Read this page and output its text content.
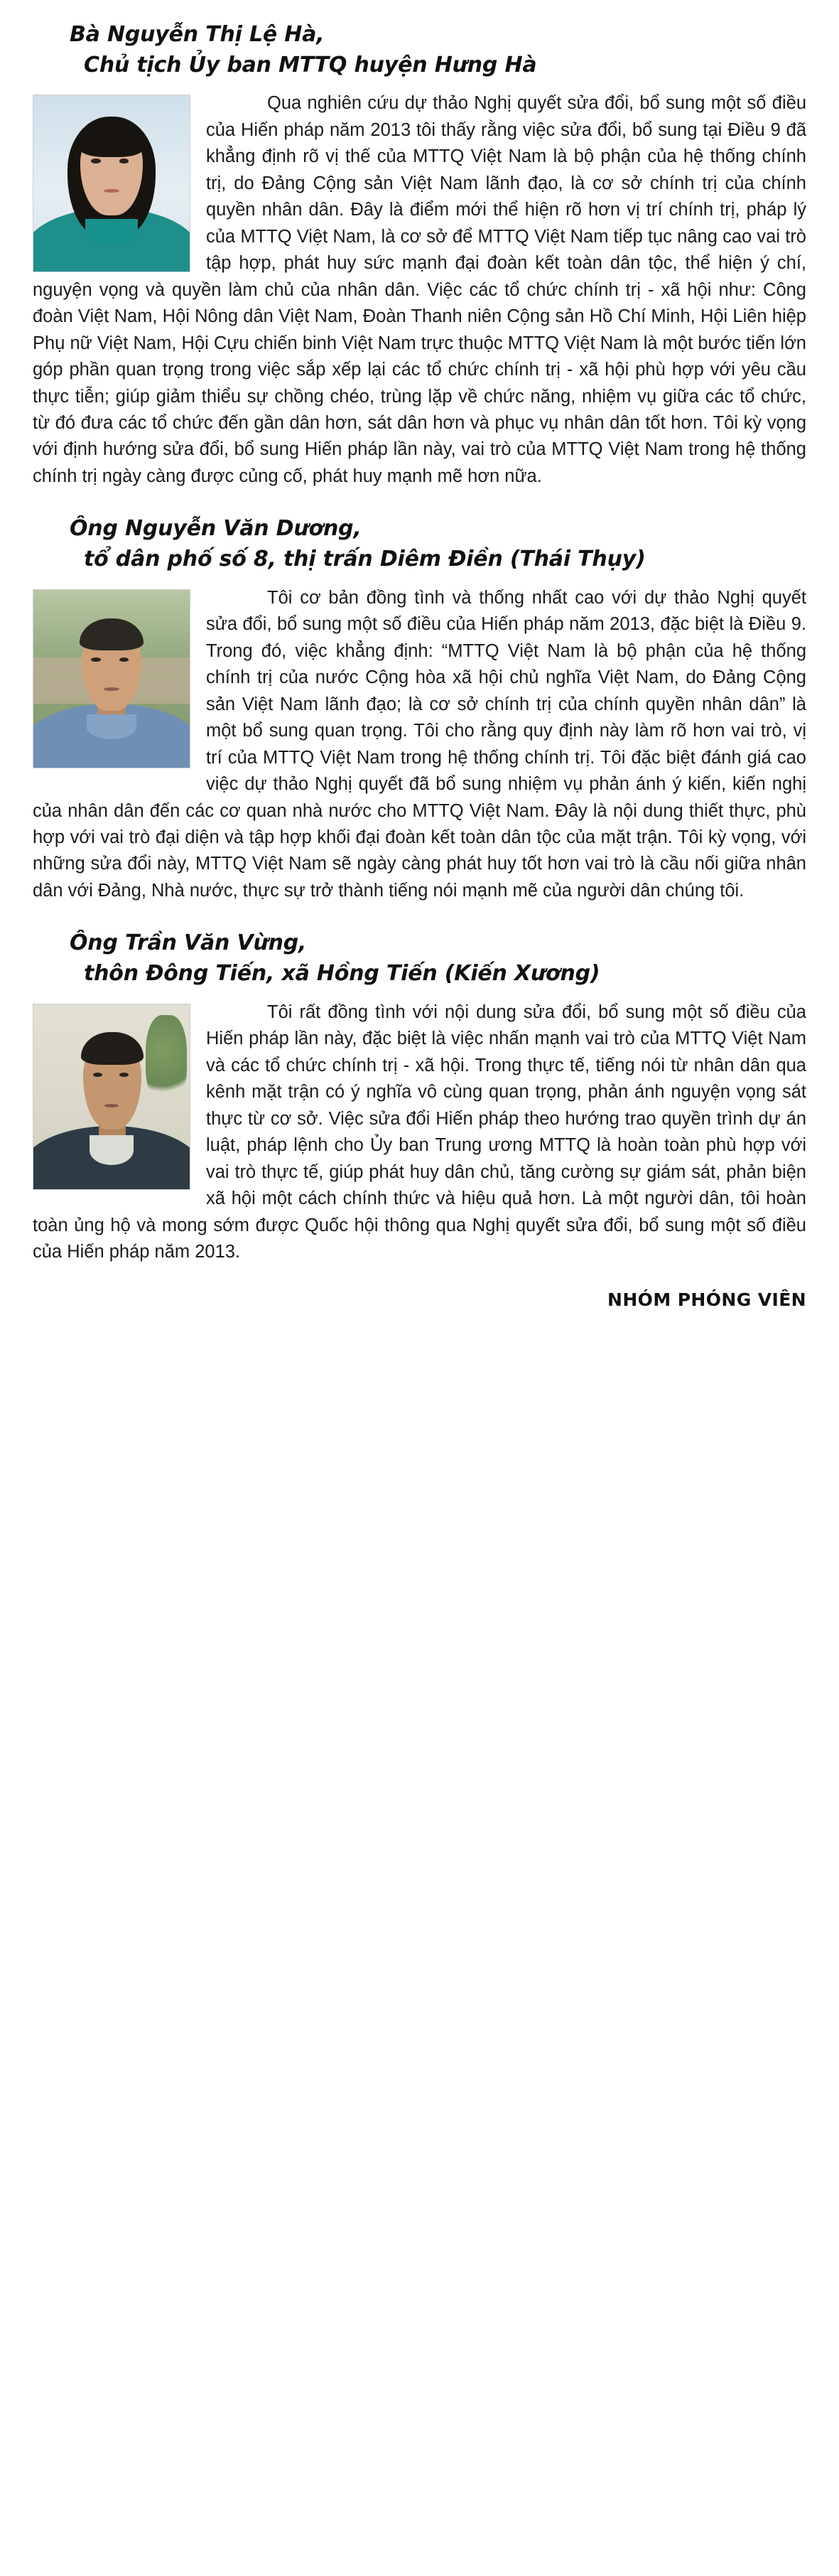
Bà Nguyễn Thị Lệ Hà,
Chủ tịch Ủy ban MTTQ huyện Hưng Hà

Qua nghiên cứu dự thảo Nghị quyết sửa đổi, bổ sung một số điều của Hiến pháp năm 2013 tôi thấy rằng việc sửa đổi, bổ sung tại Điều 9 đã khẳng định rõ vị thế của MTTQ Việt Nam là bộ phận của hệ thống chính trị, do Đảng Cộng sản Việt Nam lãnh đạo, là cơ sở chính trị của chính quyền nhân dân. Đây là điểm mới thể hiện rõ hơn vị trí chính trị, pháp lý của MTTQ Việt Nam, là cơ sở để MTTQ Việt Nam tiếp tục nâng cao vai trò tập hợp, phát huy sức mạnh đại đoàn kết toàn dân tộc, thể hiện ý chí, nguyện vọng và quyền làm chủ của nhân dân. Việc các tổ chức chính trị - xã hội như: Công đoàn Việt Nam, Hội Nông dân Việt Nam, Đoàn Thanh niên Cộng sản Hồ Chí Minh, Hội Liên hiệp Phụ nữ Việt Nam, Hội Cựu chiến binh Việt Nam trực thuộc MTTQ Việt Nam là một bước tiến lớn góp phần quan trọng trong việc sắp xếp lại các tổ chức chính trị - xã hội phù hợp với yêu cầu thực tiễn; giúp giảm thiểu sự chồng chéo, trùng lặp về chức năng, nhiệm vụ giữa các tổ chức, từ đó đưa các tổ chức đến gần dân hơn, sát dân hơn và phục vụ nhân dân tốt hơn. Tôi kỳ vọng với định hướng sửa đổi, bổ sung Hiến pháp lần này, vai trò của MTTQ Việt Nam trong hệ thống chính trị ngày càng được củng cố, phát huy mạnh mẽ hơn nữa.

Ông Nguyễn Văn Dương,
tổ dân phố số 8, thị trấn Diêm Điền (Thái Thụy)

Tôi cơ bản đồng tình và thống nhất cao với dự thảo Nghị quyết sửa đổi, bổ sung một số điều của Hiến pháp năm 2013, đặc biệt là Điều 9. Trong đó, việc khẳng định: “MTTQ Việt Nam là bộ phận của hệ thống chính trị của nước Cộng hòa xã hội chủ nghĩa Việt Nam, do Đảng Cộng sản Việt Nam lãnh đạo; là cơ sở chính trị của chính quyền nhân dân” là một bổ sung quan trọng. Tôi cho rằng quy định này làm rõ hơn vai trò, vị trí của MTTQ Việt Nam trong hệ thống chính trị. Tôi đặc biệt đánh giá cao việc dự thảo Nghị quyết đã bổ sung nhiệm vụ phản ánh ý kiến, kiến nghị của nhân dân đến các cơ quan nhà nước cho MTTQ Việt Nam. Đây là nội dung thiết thực, phù hợp với vai trò đại diện và tập hợp khối đại đoàn kết toàn dân tộc của mặt trận. Tôi kỳ vọng, với những sửa đổi này, MTTQ Việt Nam sẽ ngày càng phát huy tốt hơn vai trò là cầu nối giữa nhân dân với Đảng, Nhà nước, thực sự trở thành tiếng nói mạnh mẽ của người dân chúng tôi.

Ông Trần Văn Vừng,
thôn Đông Tiến, xã Hồng Tiến (Kiến Xương)

Tôi rất đồng tình với nội dung sửa đổi, bổ sung một số điều của Hiến pháp lần này, đặc biệt là việc nhấn mạnh vai trò của MTTQ Việt Nam và các tổ chức chính trị - xã hội. Trong thực tế, tiếng nói từ nhân dân qua kênh mặt trận có ý nghĩa vô cùng quan trọng, phản ánh nguyện vọng sát thực từ cơ sở. Việc sửa đổi Hiến pháp theo hướng trao quyền trình dự án luật, pháp lệnh cho Ủy ban Trung ương MTTQ là hoàn toàn phù hợp với vai trò thực tế, giúp phát huy dân chủ, tăng cường sự giám sát, phản biện xã hội một cách chính thức và hiệu quả hơn. Là một người dân, tôi hoàn toàn ủng hộ và mong sớm được Quốc hội thông qua Nghị quyết sửa đổi, bổ sung một số điều của Hiến pháp năm 2013.

NHÓM PHÓNG VIÊN
